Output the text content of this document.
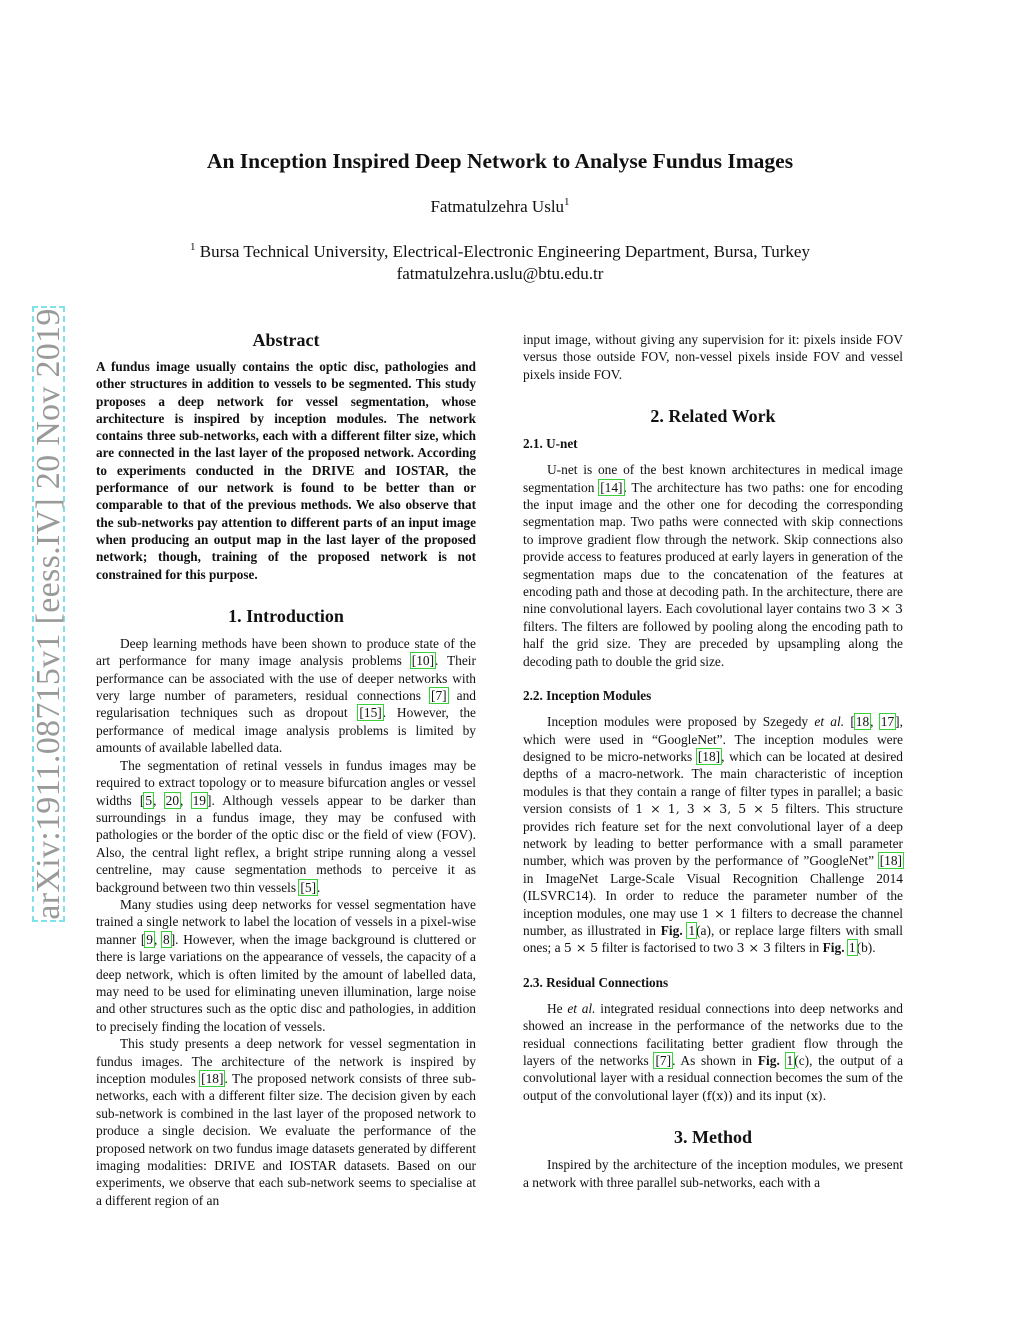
arXiv:1911.08715v1 [eess.IV] 20 Nov 2019
An Inception Inspired Deep Network to Analyse Fundus Images
Fatmatulzehra Uslu$^1$
$^1$ Bursa Technical University, Electrical-Electronic Engineering Department, Bursa, Turkey
fatmatulzehra.uslu@btu.edu.tr
Abstract

A fundus image usually contains the optic disc, pathologies and other structures in addition to vessels to be segmented. This study proposes a deep network for vessel segmentation, whose architecture is inspired by inception modules. The network contains three sub-networks, each with a different filter size, which are connected in the last layer of the proposed network. According to experiments conducted in the DRIVE and IOSTAR, the performance of our network is found to be better than or comparable to that of the previous methods. We also observe that the sub-networks pay attention to different parts of an input image when producing an output map in the last layer of the proposed network; though, training of the proposed network is not constrained for this purpose.

1. Introduction

Deep learning methods have been shown to produce state of the art performance for many image analysis problems [10]. Their performance can be associated with the use of deeper networks with very large number of parameters, residual connections [7] and regularisation techniques such as dropout [15]. However, the performance of medical image analysis problems is limited by amounts of available labelled data.

The segmentation of retinal vessels in fundus images may be required to extract topology or to measure bifurcation angles or vessel widths [5, 20, 19]. Although vessels appear to be darker than surroundings in a fundus image, they may be confused with pathologies or the border of the optic disc or the field of view (FOV). Also, the central light reflex, a bright stripe running along a vessel centreline, may cause segmentation methods to perceive it as background between two thin vessels [5].

Many studies using deep networks for vessel segmentation have trained a single network to label the location of vessels in a pixel-wise manner [9, 8]. However, when the image background is cluttered or there is large variations on the appearance of vessels, the capacity of a deep network, which is often limited by the amount of labelled data, may need to be used for eliminating uneven illumination, large noise and other structures such as the optic disc and pathologies, in addition to precisely finding the location of vessels.

This study presents a deep network for vessel segmentation in fundus images. The architecture of the network is inspired by inception modules [18]. The proposed network consists of three sub-networks, each with a different filter size. The decision given by each sub-network is combined in the last layer of the proposed network to produce a single decision. We evaluate the performance of the proposed network on two fundus image datasets generated by different imaging modalities: DRIVE and IOSTAR datasets. Based on our experiments, we observe that each sub-network seems to specialise at a different region of an

input image, without giving any supervision for it: pixels inside FOV versus those outside FOV, non-vessel pixels inside FOV and vessel pixels inside FOV.

2. Related Work
2.1. U-net

U-net is one of the best known architectures in medical image segmentation [14]. The architecture has two paths: one for encoding the input image and the other one for decoding the corresponding segmentation map. Two paths were connected with skip connections to improve gradient flow through the network. Skip connections also provide access to features produced at early layers in generation of the segmentation maps due to the concatenation of the features at encoding path and those at decoding path. In the architecture, there are nine convolutional layers. Each covolutional layer contains two 3 × 3 filters. The filters are followed by pooling along the encoding path to half the grid size. They are preceded by upsampling along the decoding path to double the grid size.

2.2. Inception Modules

Inception modules were proposed by Szegedy et al. [18, 17], which were used in “GoogleNet”. The inception modules were designed to be micro-networks [18], which can be located at desired depths of a macro-network. The main characteristic of inception modules is that they contain a range of filter types in parallel; a basic version consists of 1 × 1, 3 × 3, 5 × 5 filters. This structure provides rich feature set for the next convolutional layer of a deep network by leading to better performance with a small parameter number, which was proven by the performance of ”GoogleNet” [18] in ImageNet Large-Scale Visual Recognition Challenge 2014 (ILSVRC14). In order to reduce the parameter number of the inception modules, one may use 1 × 1 filters to decrease the channel number, as illustrated in Fig. 1(a), or replace large filters with small ones; a 5 × 5 filter is factorised to two 3 × 3 filters in Fig. 1(b).

2.3. Residual Connections

He et al. integrated residual connections into deep networks and showed an increase in the performance of the networks due to the residual connections facilitating better gradient flow through the layers of the networks [7]. As shown in Fig. 1(c), the output of a convolutional layer with a residual connection becomes the sum of the output of the convolutional layer (f(x)) and its input (x).

3. Method

Inspired by the architecture of the inception modules, we present a network with three parallel sub-networks, each with a
